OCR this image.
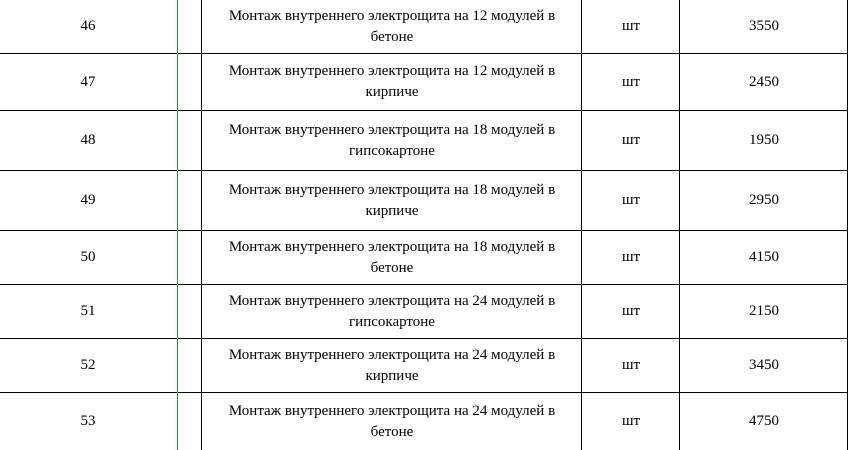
46
Монтаж внутреннего электрощита на 12 модулей в
бетоне
шт	3550
47
Монтаж внутреннего электрощита на 12 модулей в
кирпиче
шт	2450
48
Монтаж внутреннего электрощита на 18 модулей в
гипсокартоне
шт	1950
49
Монтаж внутреннего электрощита на 18 модулей в
кирпиче
шт	2950
50
Монтаж внутреннего электрощита на 18 модулей в
бетоне
шт	4150
51
Монтаж внутреннего электрощита на 24 модулей в
гипсокартоне
шт	2150
52
Монтаж внутреннего электрощита на 24 модулей в
кирпиче
шт	3450
53
Монтаж внутреннего электрощита на 24 модулей в
бетоне
шт	4750
